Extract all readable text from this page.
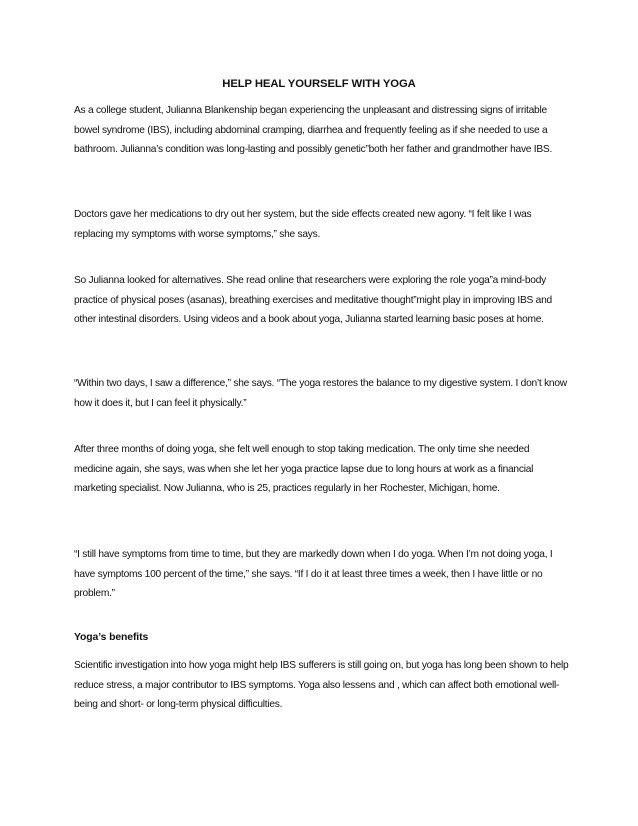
HELP HEAL YOURSELF WITH YOGA

As a college student, Julianna Blankenship began experiencing the unpleasant and distressing signs of irritable bowel syndrome (IBS), including abdominal cramping, diarrhea and frequently feeling as if she needed to use a bathroom. Julianna’s condition was long-lasting and possibly genetic”both her father and grandmother have IBS.

Doctors gave her medications to dry out her system, but the side effects created new agony. “I felt like I was replacing my symptoms with worse symptoms,” she says.

So Julianna looked for alternatives. She read online that researchers were exploring the role yoga”a mind-body practice of physical poses (asanas), breathing exercises and meditative thought”might play in improving IBS and other intestinal disorders. Using videos and a book about yoga, Julianna started learning basic poses at home.

“Within two days, I saw a difference,” she says. “The yoga restores the balance to my digestive system. I don’t know how it does it, but I can feel it physically.”

After three months of doing yoga, she felt well enough to stop taking medication. The only time she needed medicine again, she says, was when she let her yoga practice lapse due to long hours at work as a financial marketing specialist. Now Julianna, who is 25, practices regularly in her Rochester, Michigan, home.

“I still have symptoms from time to time, but they are markedly down when I do yoga. When I’m not doing yoga, I have symptoms 100 percent of the time,” she says. “If I do it at least three times a week, then I have little or no problem.”

Yoga’s benefits

Scientific investigation into how yoga might help IBS sufferers is still going on, but yoga has long been shown to help reduce stress, a major contributor to IBS symptoms. Yoga also lessens and , which can affect both emotional well-being and short- or long-term physical difficulties.
